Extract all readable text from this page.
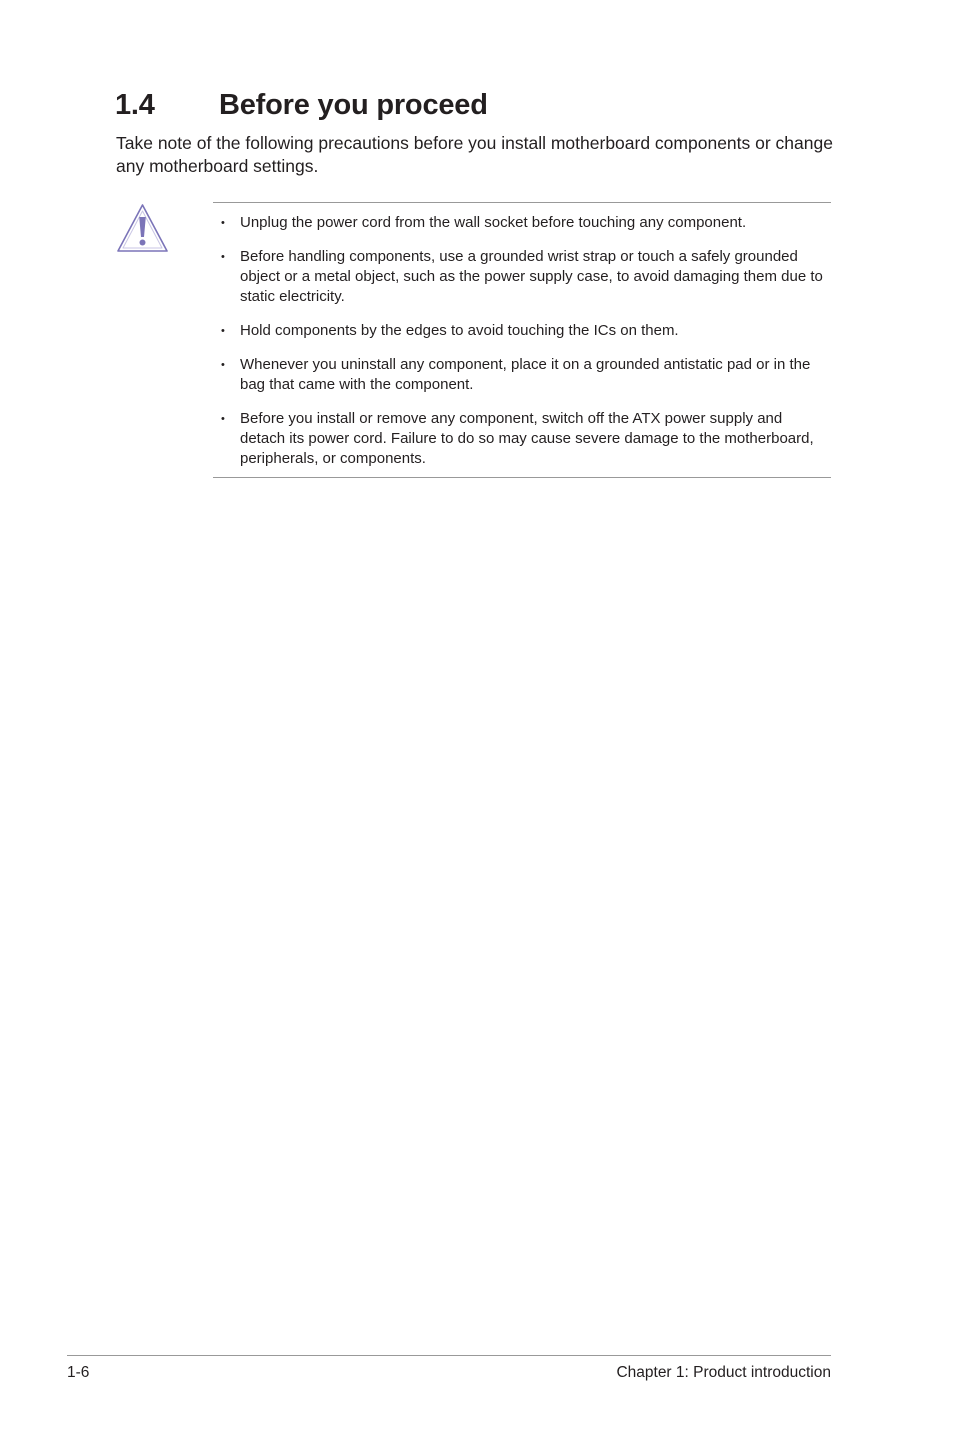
1.4 Before you proceed

Take note of the following precautions before you install motherboard components or change any motherboard settings.

• Unplug the power cord from the wall socket before touching any component.
• Before handling components, use a grounded wrist strap or touch a safely grounded object or a metal object, such as the power supply case, to avoid damaging them due to static electricity.
• Hold components by the edges to avoid touching the ICs on them.
• Whenever you uninstall any component, place it on a grounded antistatic pad or in the bag that came with the component.
• Before you install or remove any component, switch off the ATX power supply and detach its power cord. Failure to do so may cause severe damage to the motherboard, peripherals, or components.
1-6	Chapter 1: Product introduction
